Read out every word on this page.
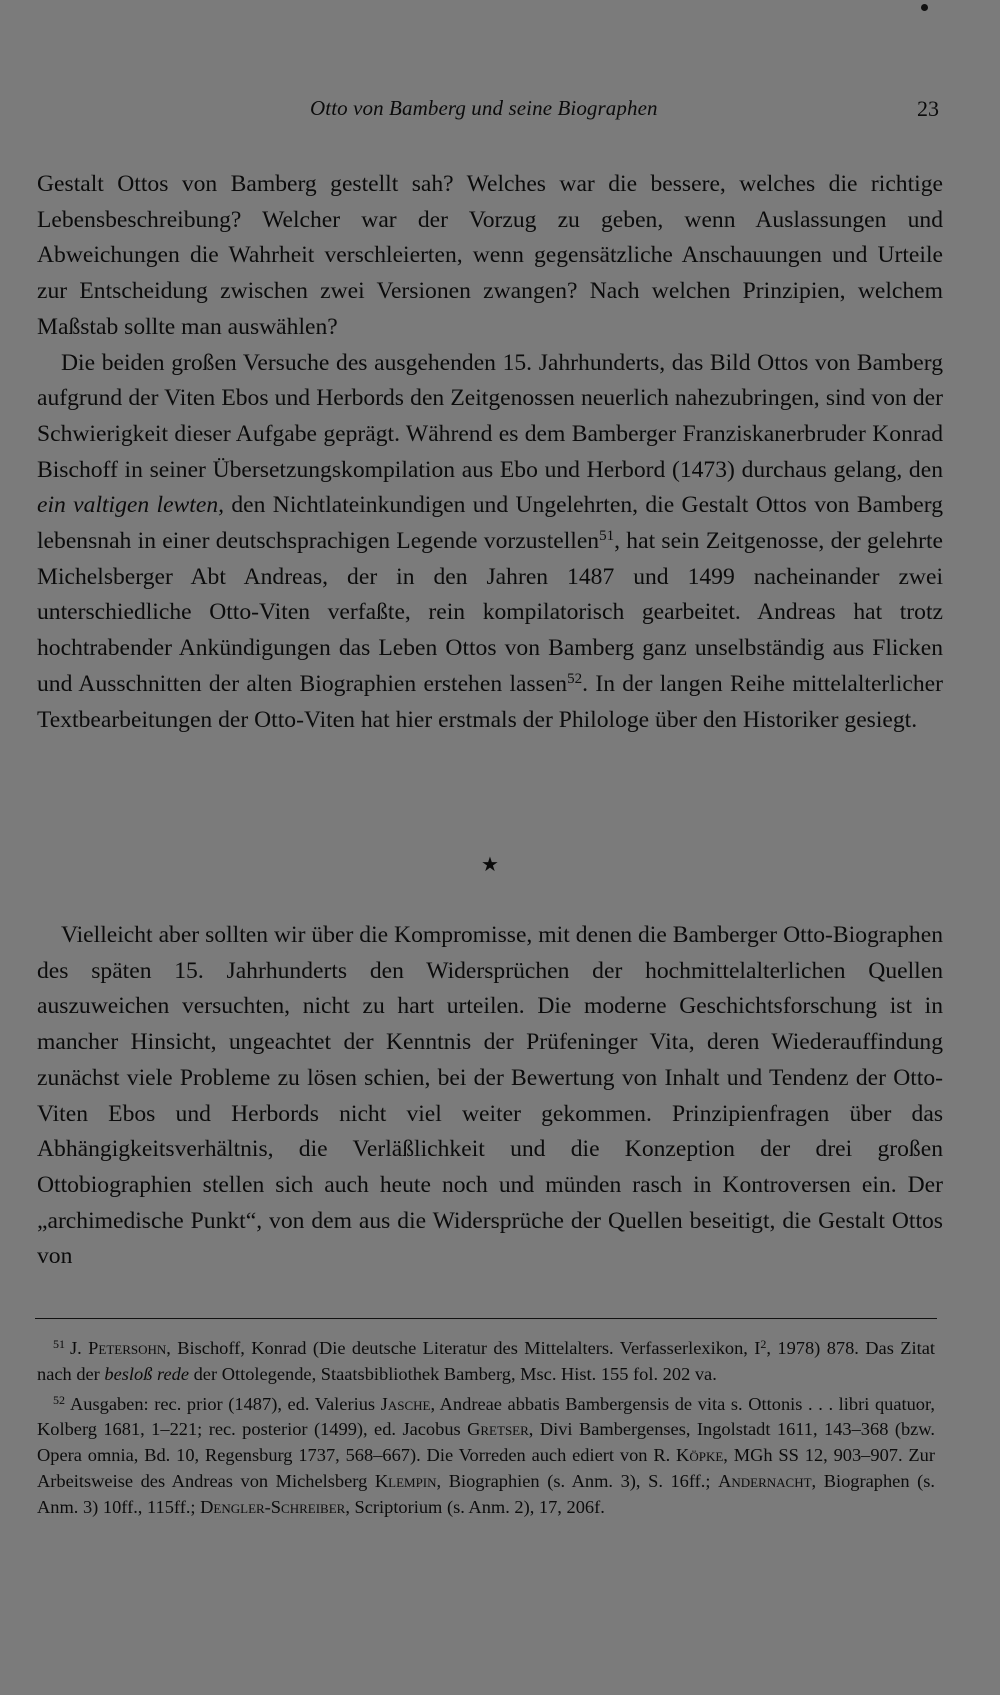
Otto von Bamberg und seine Biographen	23

Gestalt Ottos von Bamberg gestellt sah? Welches war die bessere, welches die richtige Lebensbeschreibung? Welcher war der Vorzug zu geben, wenn Auslassungen und Abweichungen die Wahrheit verschleierten, wenn gegensätzliche Anschauungen und Urteile zur Entscheidung zwischen zwei Versionen zwangen? Nach welchen Prinzipien, welchem Maßstab sollte man auswählen?

Die beiden großen Versuche des ausgehenden 15. Jahrhunderts, das Bild Ottos von Bamberg aufgrund der Viten Ebos und Herbords den Zeitgenossen neuerlich nahezubringen, sind von der Schwierigkeit dieser Aufgabe geprägt. Während es dem Bamberger Franziskanerbruder Konrad Bischoff in seiner Übersetzungskompilation aus Ebo und Herbord (1473) durchaus gelang, den ein valtigen lewten, den Nichtlateinkundigen und Ungelehrten, die Gestalt Ottos von Bamberg lebensnah in einer deutschsprachigen Legende vorzustellen$^{51}$, hat sein Zeitgenosse, der gelehrte Michelsberger Abt Andreas, der in den Jahren 1487 und 1499 nacheinander zwei unterschiedliche Otto-Viten verfaßte, rein kompilatorisch gearbeitet. Andreas hat trotz hochtrabender Ankündigungen das Leben Ottos von Bamberg ganz unselbständig aus Flicken und Ausschnitten der alten Biographien erstehen lassen$^{52}$. In der langen Reihe mittelalterlicher Textbearbeitungen der Otto-Viten hat hier erstmals der Philologe über den Historiker gesiegt.

★

Vielleicht aber sollten wir über die Kompromisse, mit denen die Bamberger Otto-Biographen des späten 15. Jahrhunderts den Widersprüchen der hochmittelalterlichen Quellen auszuweichen versuchten, nicht zu hart urteilen. Die moderne Geschichtsforschung ist in mancher Hinsicht, ungeachtet der Kenntnis der Prüfeninger Vita, deren Wiederauffindung zunächst viele Probleme zu lösen schien, bei der Bewertung von Inhalt und Tendenz der Otto-Viten Ebos und Herbords nicht viel weiter gekommen. Prinzipienfragen über das Abhängigkeitsverhältnis, die Verläßlichkeit und die Konzeption der drei großen Ottobiographien stellen sich auch heute noch und münden rasch in Kontroversen ein. Der „archimedische Punkt“, von dem aus die Widersprüche der Quellen beseitigt, die Gestalt Ottos von

$^{51}$ J. Petersohn, Bischoff, Konrad (Die deutsche Literatur des Mittelalters. Verfasserlexikon, $I^2$, 1978) 878. Das Zitat nach der besloß rede der Ottolegende, Staatsbibliothek Bamberg, Msc. Hist. 155 fol. 202 va.

$^{52}$ Ausgaben: rec. prior (1487), ed. Valerius Jasche, Andreae abbatis Bambergensis de vita s. Ottonis . . . libri quatuor, Kolberg 1681, 1–221; rec. posterior (1499), ed. Jacobus Gretser, Divi Bambergenses, Ingolstadt 1611, 143–368 (bzw. Opera omnia, Bd. 10, Regensburg 1737, 568–667). Die Vorreden auch ediert von R. Köpke, MGh SS 12, 903–907. Zur Arbeitsweise des Andreas von Michelsberg Klempin, Biographien (s. Anm. 3), S. 16ff.; Andernacht, Biographen (s. Anm. 3) 10ff., 115ff.; Dengler-Schreiber, Scriptorium (s. Anm. 2), 17, 206f.
